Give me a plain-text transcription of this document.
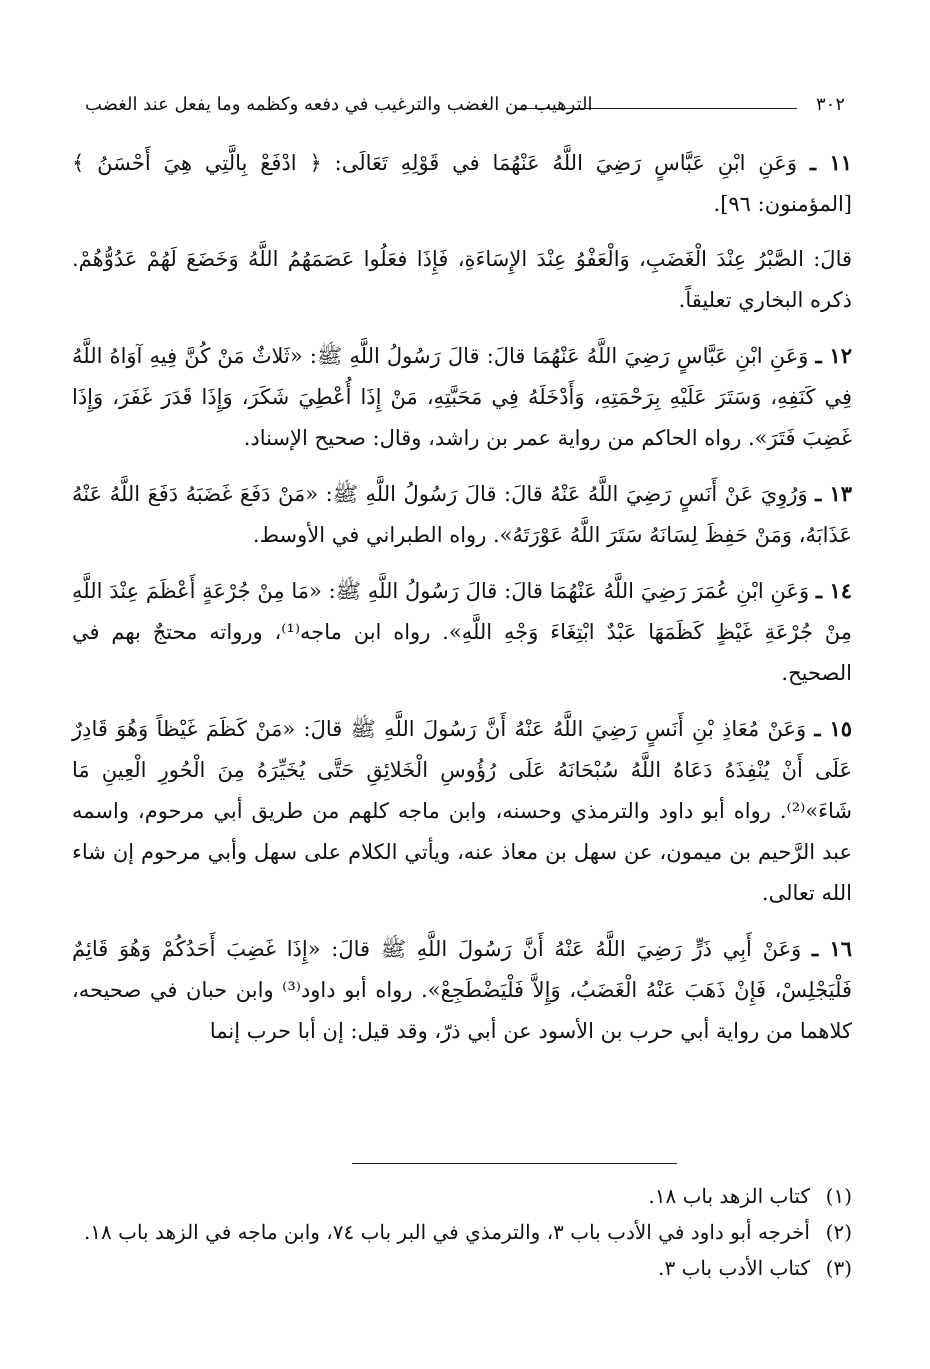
٣٠٢
الترهيب من الغضب والترغيب في دفعه وكظمه وما يفعل عند الغضب

١١ ـ وَعَنِ ابْنِ عَبَّاسٍ رَضِيَ اللَّهُ عَنْهُمَا في قَوْلِهِ تَعَالَى: ﴿ ادْفَعْ بِالَّتِي هِيَ أَحْسَنُ ﴾ [المؤمنون: ٩٦].

قالَ: الصَّبْرُ عِنْدَ الْغَضَبِ، وَالْعَفْوُ عِنْدَ الإِسَاءَةِ، فَإِذَا فعَلُوا عَصَمَهُمُ اللَّهُ وَخَضَعَ لَهُمْ عَدُوُّهُمْ. ذكره البخاري تعليقاً.

١٢ ـ وَعَنِ ابْنِ عَبَّاسٍ رَضِيَ اللَّهُ عَنْهُمَا قالَ: قالَ رَسُولُ اللَّهِ ﷺ: «ثَلاثٌ مَنْ كُنَّ فِيهِ آوَاهُ اللَّهُ فِي كَنَفِهِ، وَسَتَرَ عَلَيْهِ بِرَحْمَتِهِ، وَأَدْخَلَهُ فِي مَحَبَّتِهِ، مَنْ إِذَا أُعْطِيَ شَكَرَ، وَإِذَا قَدَرَ غَفَرَ، وَإِذَا غَضِبَ فَتَرَ». رواه الحاكم من رواية عمر بن راشد، وقال: صحيح الإسناد.

١٣ ـ وَرُوِيَ عَنْ أَنَسٍ رَضِيَ اللَّهُ عَنْهُ قالَ: قالَ رَسُولُ اللَّهِ ﷺ: «مَنْ دَفَعَ غَضَبَهُ دَفَعَ اللَّهُ عَنْهُ عَذَابَهُ، وَمَنْ حَفِظَ لِسَانَهُ سَتَرَ اللَّهُ عَوْرَتَهُ». رواه الطبراني في الأوسط.

١٤ ـ وَعَنِ ابْنِ عُمَرَ رَضِيَ اللَّهُ عَنْهُمَا قالَ: قالَ رَسُولُ اللَّهِ ﷺ: «مَا مِنْ جُرْعَةٍ أَعْظَمَ عِنْدَ اللَّهِ مِنْ جُرْعَةِ غَيْظٍ كَظَمَهَا عَبْدٌ ابْتِغَاءَ وَجْهِ اللَّهِ». رواه ابن ماجه⁽¹⁾، ورواته محتجٌ بهم في الصحيح.

١٥ ـ وَعَنْ مُعَاذِ بْنِ أَنَسٍ رَضِيَ اللَّهُ عَنْهُ أَنَّ رَسُولَ اللَّهِ ﷺ قالَ: «مَنْ كَظَمَ غَيْظاً وَهُوَ قَادِرٌ عَلَى أَنْ يُنْفِذَهُ دَعَاهُ اللَّهُ سُبْحَانَهُ عَلَى رُؤُوسِ الْخَلائِقِ حَتَّى يُخَيِّرَهُ مِنَ الْحُورِ الْعِينِ مَا شَاءَ»⁽²⁾. رواه أبو داود والترمذي وحسنه، وابن ماجه كلهم من طريق أبي مرحوم، واسمه عبد الرَّحيم بن ميمون، عن سهل بن معاذ عنه، ويأتي الكلام على سهل وأبي مرحوم إن شاء الله تعالى.

١٦ ـ وَعَنْ أَبِي ذَرٍّ رَضِيَ اللَّهُ عَنْهُ أَنَّ رَسُولَ اللَّهِ ﷺ قالَ: «إِذَا غَضِبَ أَحَدُكُمْ وَهُوَ قَائِمٌ فَلْيَجْلِسْ، فَإِنْ ذَهَبَ عَنْهُ الْغَضَبُ، وَإِلاَّ فَلْيَضْطَجِعْ». رواه أبو داود⁽³⁾ وابن حبان في صحيحه، كلاهما من رواية أبي حرب بن الأسود عن أبي ذرّ، وقد قيل: إن أبا حرب إنما

(١)
كتاب الزهد باب ١٨.

(٢)
أخرجه أبو داود في الأدب باب ٣، والترمذي في البر باب ٧٤، وابن ماجه في الزهد باب ١٨.

(٣)
كتاب الأدب باب ٣.
